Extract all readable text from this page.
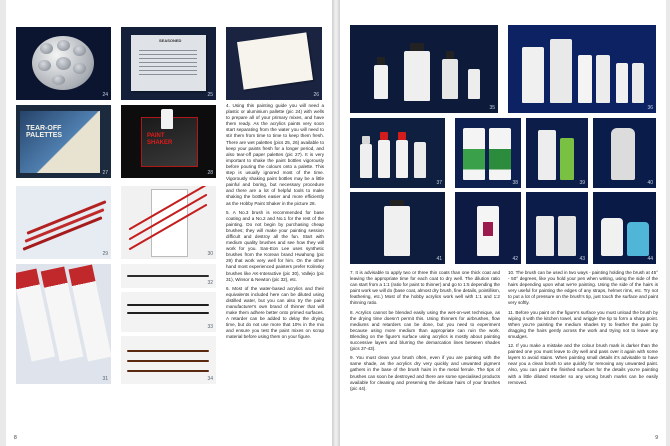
24
SEASONED
25	26
TEAR-OFF PALETTES
27
PAINT SHAKER
28

4. Using this painting guide you will need a plastic or aluminium pallette (pic 24) with wells to prepare all of your primary mixes, and have them ready. As the acrylics paints very soon start separating from the water you will need to stir them from time to time to keep them fresh. There are wet palettes (pics 25, 26) available to keep your paints fresh for a longer period, and also tear-off paper palettes (pic 27). It is very important to shake the paint bottles vigorously before pouring the colours onto a palette. This step is usually ignored most of the time. Vigorously shaking paint bottles may be a little painful and boring, but necessary procedure and there are a lot of helpful tools to make shaking the bottles easier and more efficiently as the Hobby Paint Shaker in the picture 28.

5. A No.3 brush is recommended for base coating and a No.2 and No.1 for the rest of the painting. Do not begin by purchasing cheap brushes; they will make your painting session difficult and destroy all the fun. Start with medium quality brushes and see how they will work for you. San-Eon Lee uses synthetic brushes from the Korean brand Hwahong (pic 29) that work very well for him. On the other hand most experienced painters prefer Kolinsky brushes like AK-Interactive (pic 30), Vallejo (pic 31), Winsor & Newton (pic 32), etc.

6. Most of the water-based acrylics and their equivalents included here can be diluted using distilled water, but you can also try the paint manufacturer's own brand of thinner that will make them adhere better onto primed surfaces. A retarder can be added to delay the drying time, but do not use more that 10% in the mix and ensure you test the paint mixes on scrap material before using them on your figure.

29	30
31
32
33
34
8
35	36
37	38	39	40
41	42	43	44

7. It is advisable to apply two or three thin coats than one thick coat and leaving the appropriate time for each coat to dry well. The dilution ratio can start from a 1:1 (ratio for paint to thinner) and go to 1:5 depending the paint work we will do (base coat, almost dry brush, fine details, pointillism, feathering, etc.) Most of the hobby acrylics work well with 1:1 and 1:2 thinning ratio.

8. Acrylics cannot be blended easily using the wet-on-wet technique, as the drying time doesn't permit this. Using thinners for airbrushes, flow mediums and retarders can be done, but you need to experiment because using more medium than appropriate can ruin the work. Blending on the figure's surface using acrylics is mostly about painting successive layers and blurring the demarcation lines between shades (pics 37-43).

9. You must clean your brush often, even if you are painting with the same shade, as the acrylics dry very quickly and unwanted pigment gathers in the base of the brush hairs in the metal ferrule. The tips of brushes can soon be destroyed and there are some specialised products available for cleaning and preserving the delicate hairs of your brushes (pic 44).

10. The brush can be used in two ways - painting holding the brush at 45° - 50° degrees, like you hold your pen when writing, using the side of the hairs depending upon what we're painting. Using the side of the hairs is very useful for painting the edges of any straps, helmet rims, etc. Try not to put a lot of pressure on the brush's tip, just touch the surface and paint very softly.

11. Before you paint on the figure's surface you must unload the brush by wiping it with the kitchen towel, and wriggle the tip to form a sharp point. When you're painting the medium shades try to feather the paint by dragging the hairs gently across the work and trying not to leave any smudges.

12. If you make a mistake and the colour brush mark is darker than the painted one you must leave to dry well and pass over it again with some layers to avoid stains. When painting small details it's advisable to have near you a clean brush to use quickly for removing any unwanted paint. Also, you can paint the finished surfaces for the details you're painting with a little diluted retarder so any wrong brush marks can be easily removed.

9
